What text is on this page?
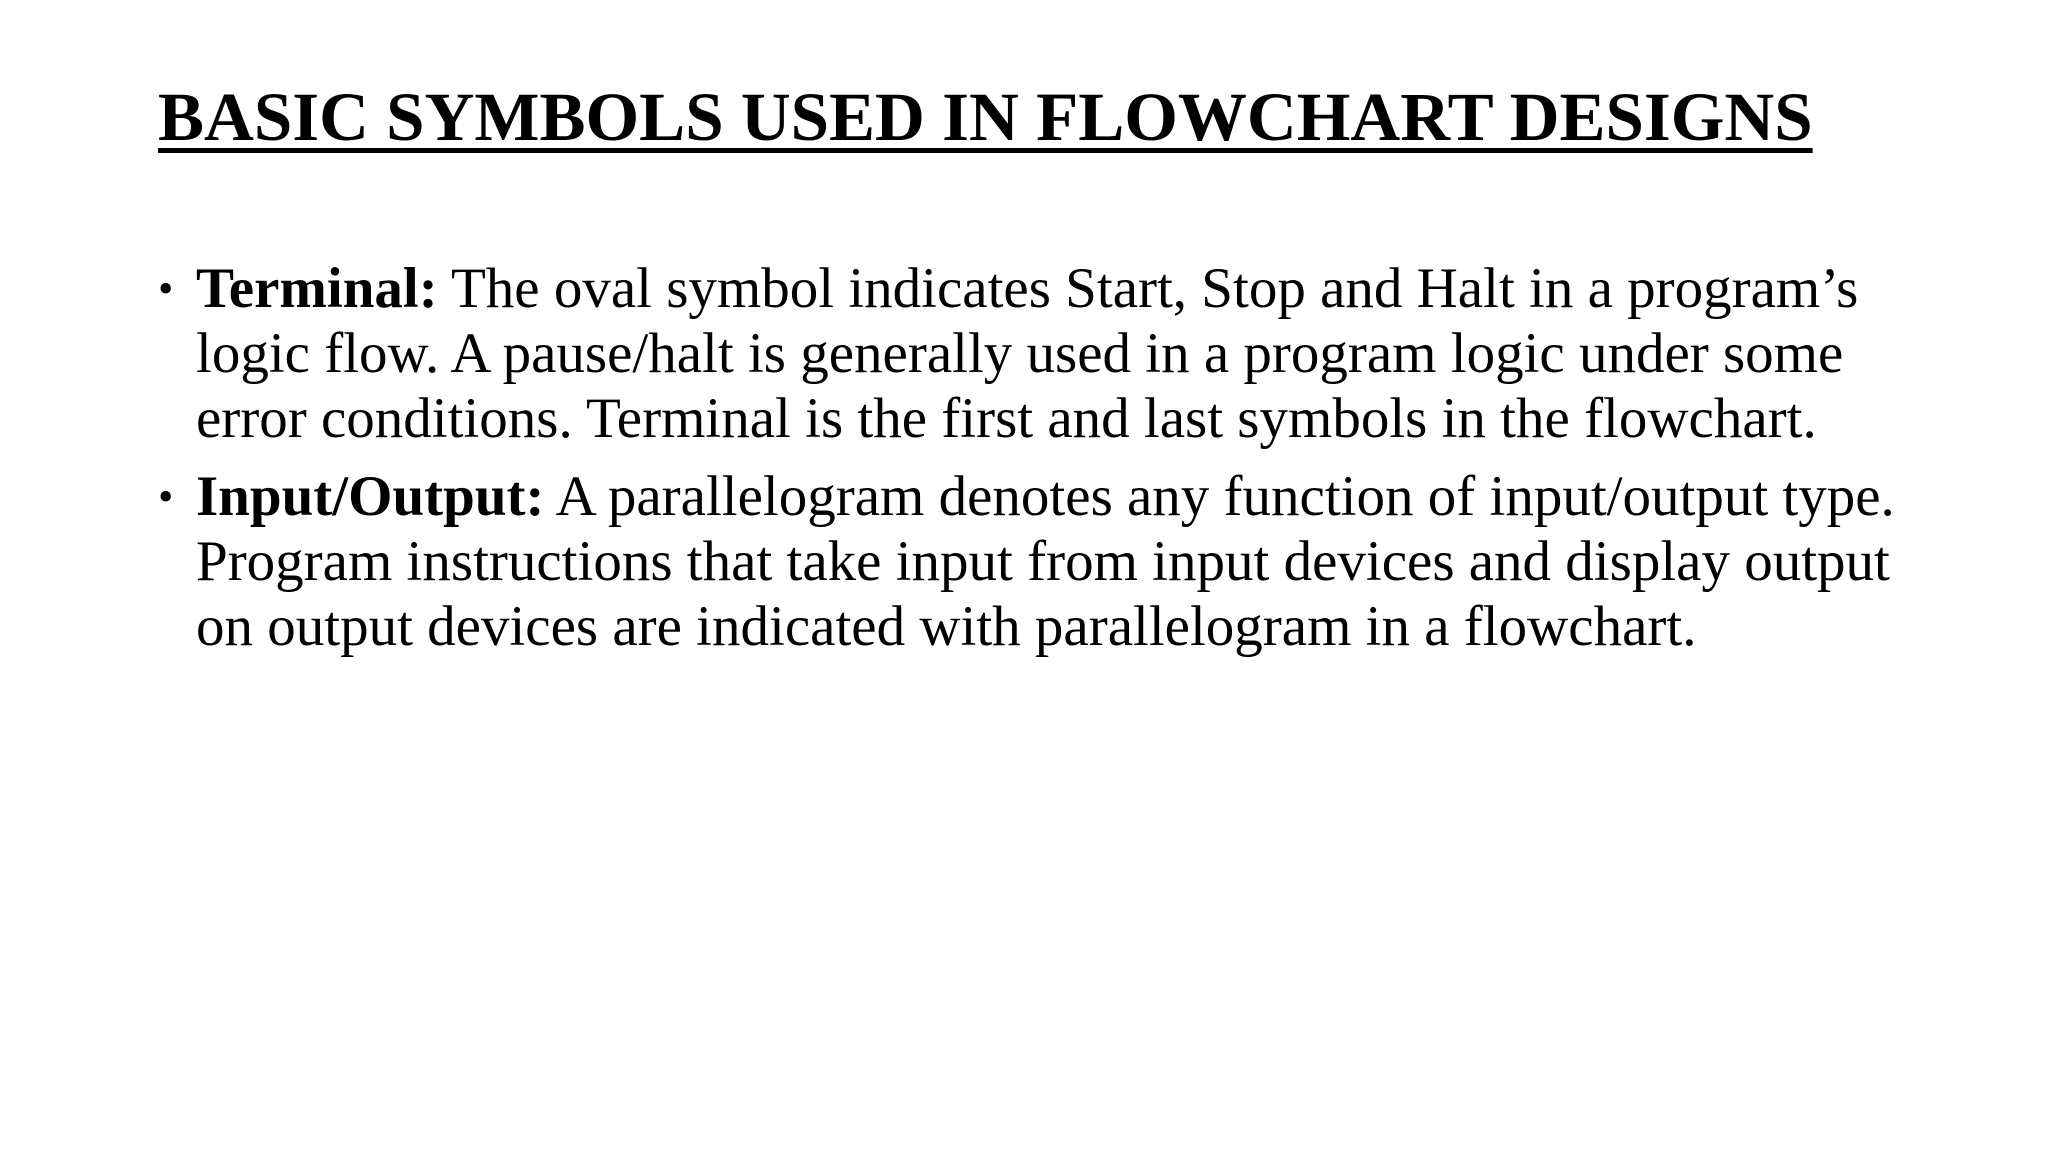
BASIC SYMBOLS USED IN FLOWCHART DESIGNS
• Terminal: The oval symbol indicates Start, Stop and Halt in a program’s logic flow. A pause/halt is generally used in a program logic under some error conditions. Terminal is the first and last symbols in the flowchart.
• Input/Output: A parallelogram denotes any function of input/output type. Program instructions that take input from input devices and display output on output devices are indicated with parallelogram in a flowchart.
